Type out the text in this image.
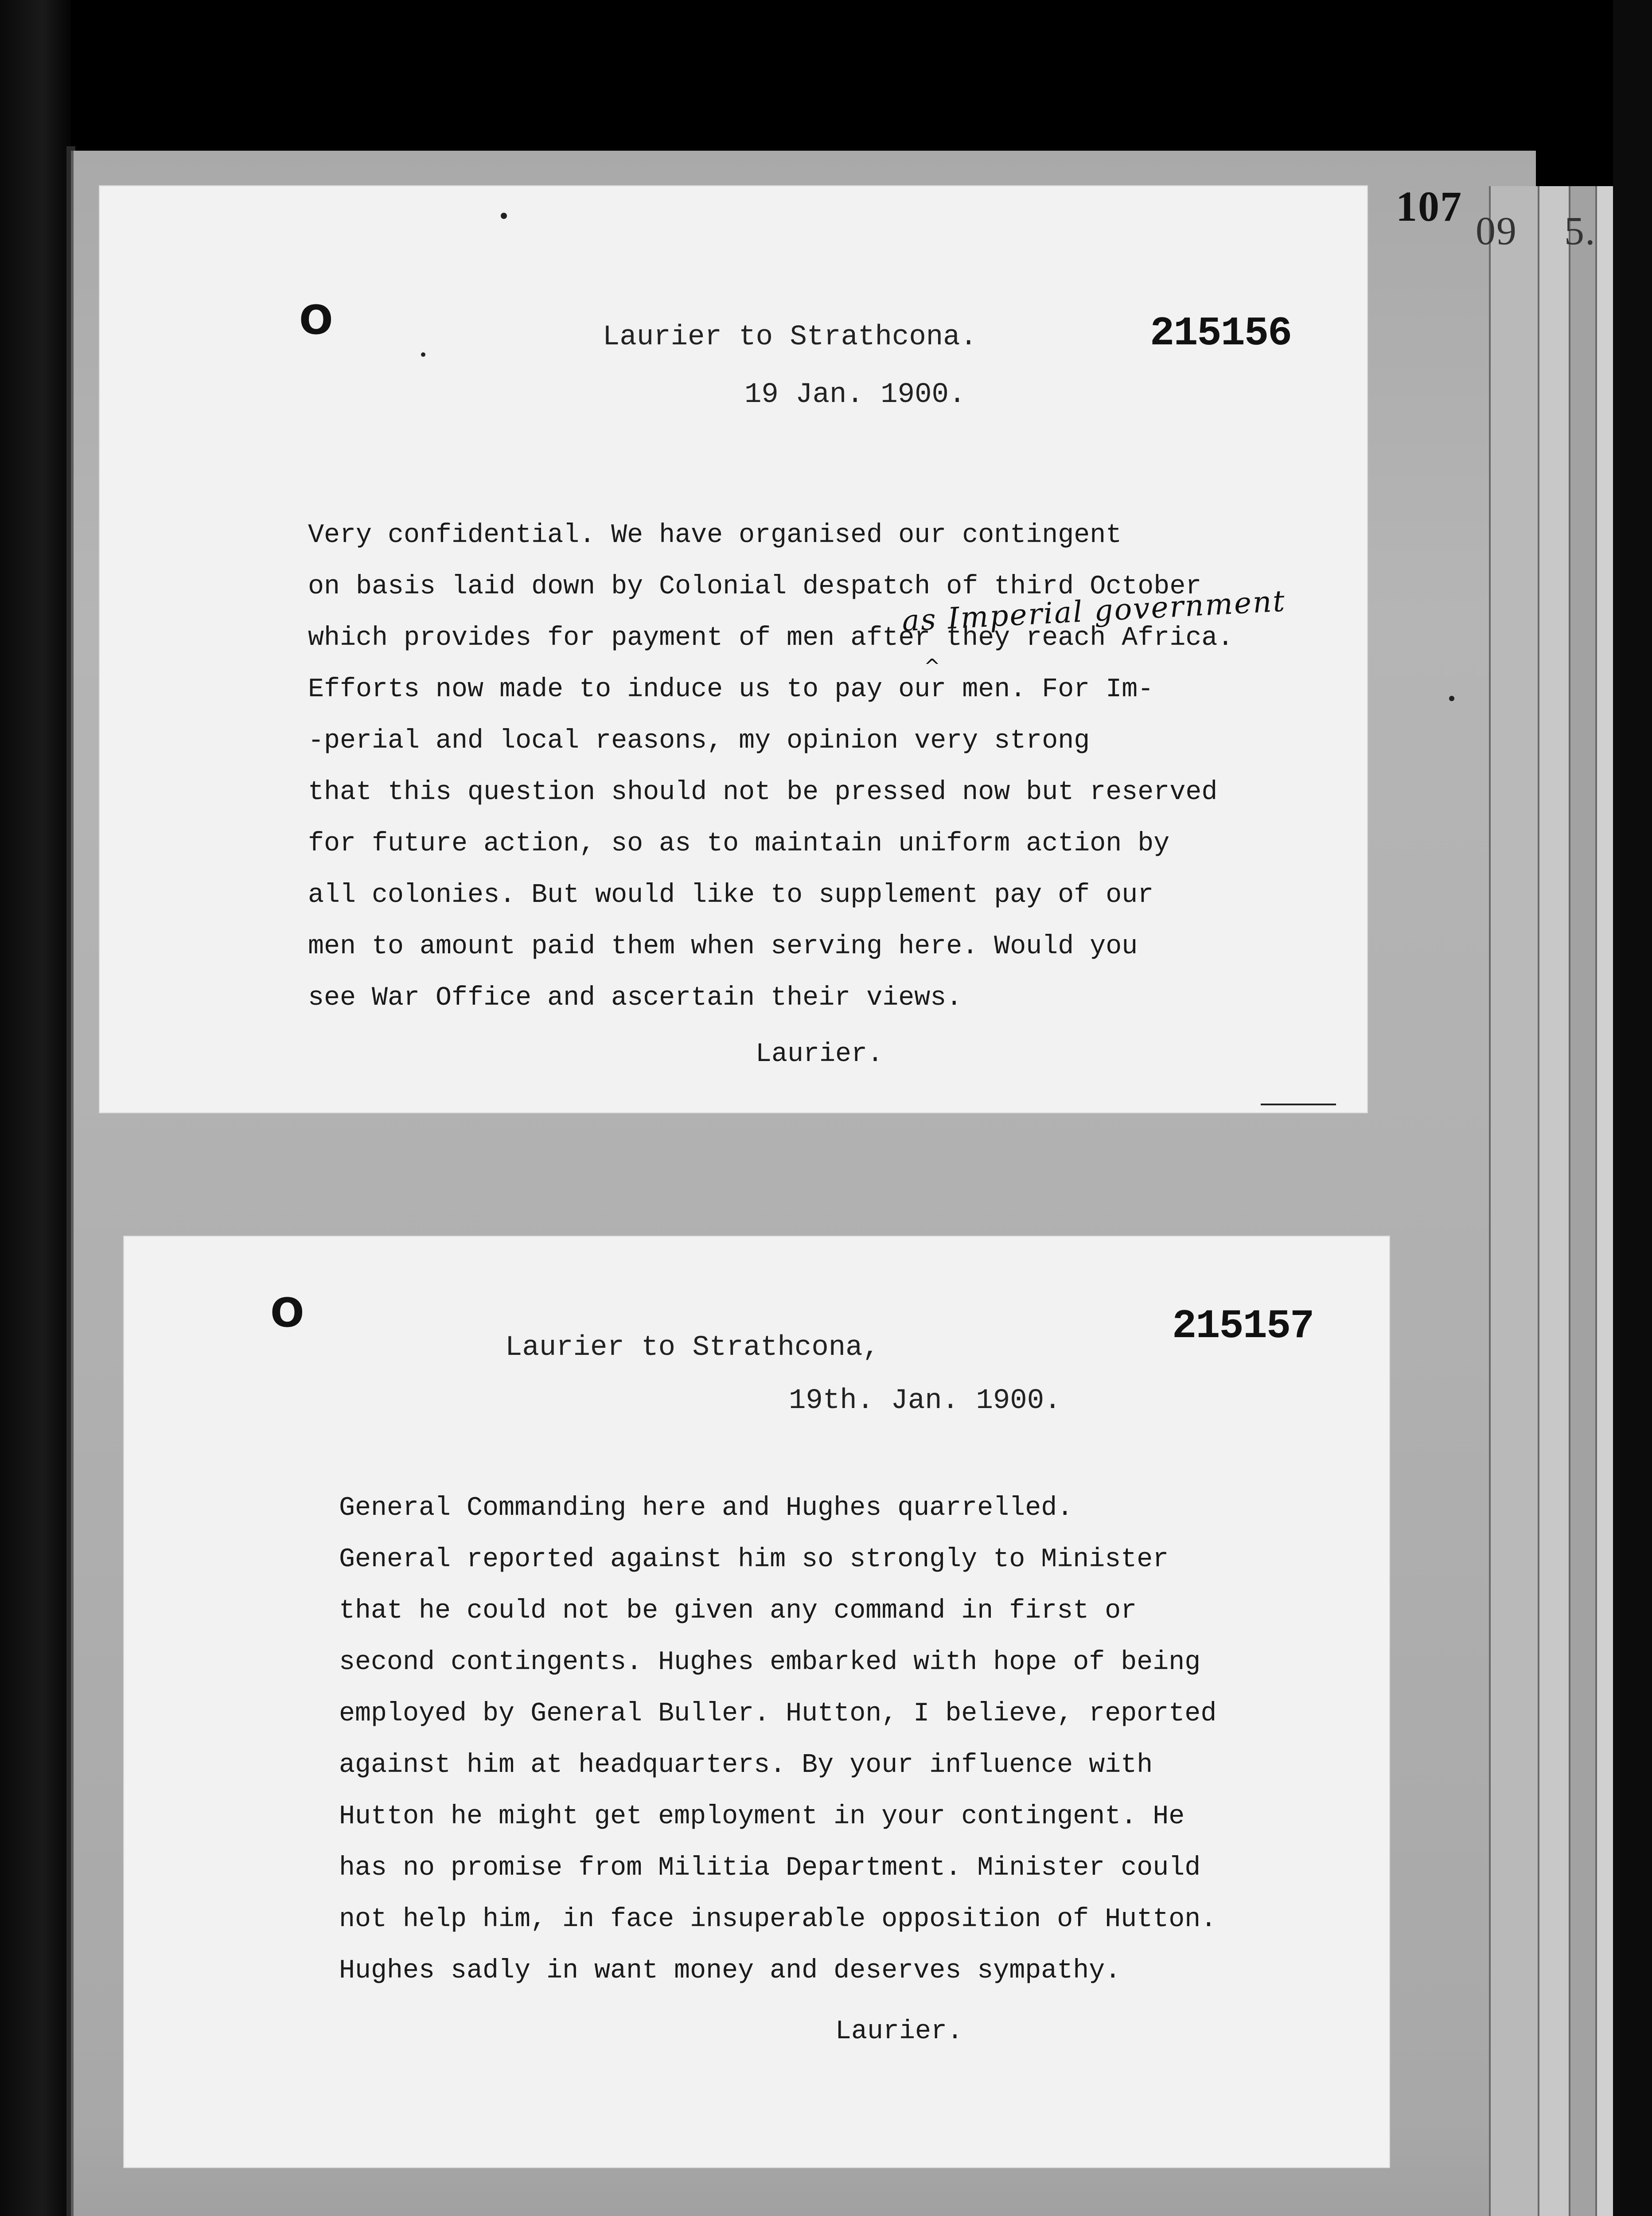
107
09 5.
O	Laurier to Strathcona.
19 Jan. 1900.
215156
as Imperial government
^
Very confidential. We have organised our contingent
on basis laid down by Colonial despatch of third October
which provides for payment of men after they reach Africa.
Efforts now made to induce us to pay our men. For Im-
-perial and local reasons, my opinion very strong
that this question should not be pressed now but reserved
for future action, so as to maintain uniform action by
all colonies. But would like to supplement pay of our
men to amount paid them when serving here. Would you
see War Office and ascertain their views.
Laurier.
O
Laurier to Strathcona,
19th. Jan. 1900.
215157
General Commanding here and Hughes quarrelled.
General reported against him so strongly to Minister
that he could not be given any command in first or
second contingents. Hughes embarked with hope of being
employed by General Buller. Hutton, I believe, reported
against him at headquarters. By your influence with
Hutton he might get employment in your contingent. He
has no promise from Militia Department. Minister could
not help him, in face insuperable opposition of Hutton.
Hughes sadly in want money and deserves sympathy.
Laurier.
